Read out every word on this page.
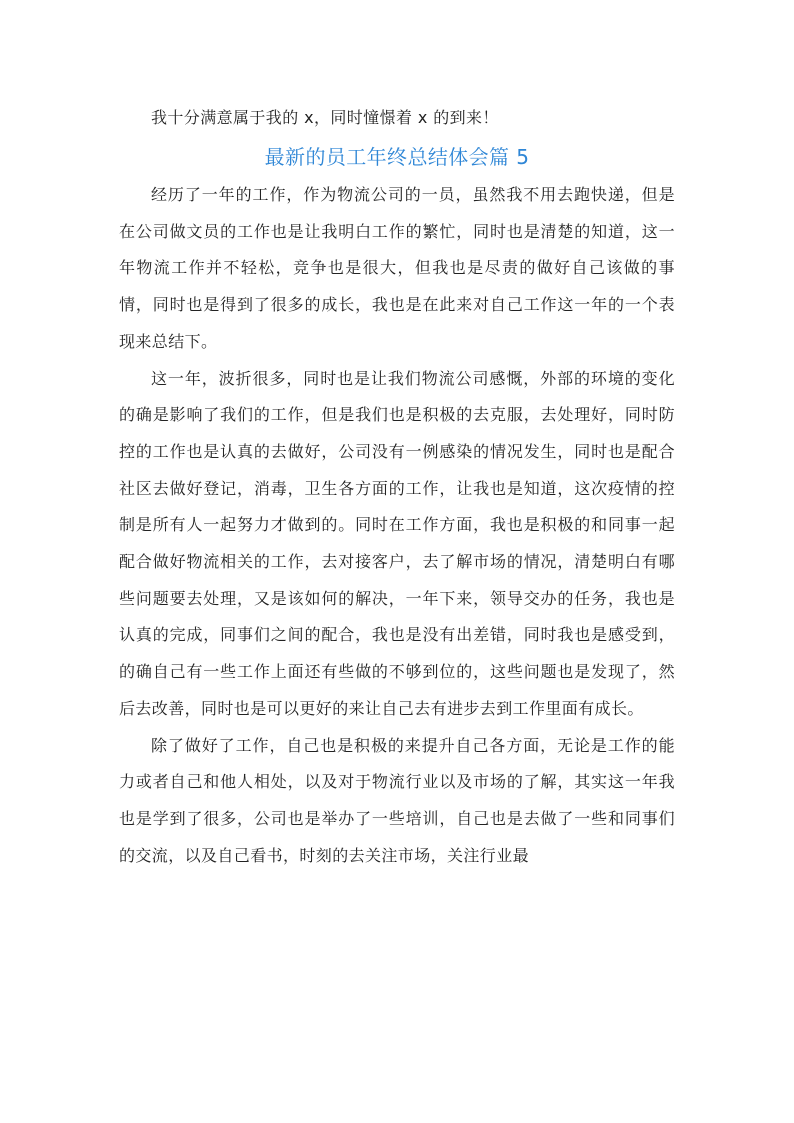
我十分满意属于我的 x，同时憧憬着 x 的到来！

最新的员工年终总结体会篇 5

经历了一年的工作，作为物流公司的一员，虽然我不用去跑快递，但是在公司做文员的工作也是让我明白工作的繁忙，同时也是清楚的知道，这一年物流工作并不轻松，竞争也是很大，但我也是尽责的做好自己该做的事情，同时也是得到了很多的成长，我也是在此来对自己工作这一年的一个表现来总结下。

这一年，波折很多，同时也是让我们物流公司感慨，外部的环境的变化的确是影响了我们的工作，但是我们也是积极的去克服，去处理好，同时防控的工作也是认真的去做好，公司没有一例感染的情况发生，同时也是配合社区去做好登记，消毒，卫生各方面的工作，让我也是知道，这次疫情的控制是所有人一起努力才做到的。同时在工作方面，我也是积极的和同事一起配合做好物流相关的工作，去对接客户，去了解市场的情况，清楚明白有哪些问题要去处理，又是该如何的解决，一年下来，领导交办的任务，我也是认真的完成，同事们之间的配合，我也是没有出差错，同时我也是感受到，的确自己有一些工作上面还有些做的不够到位的，这些问题也是发现了，然后去改善，同时也是可以更好的来让自己去有进步去到工作里面有成长。

除了做好了工作，自己也是积极的来提升自己各方面，无论是工作的能力或者自己和他人相处，以及对于物流行业以及市场的了解，其实这一年我也是学到了很多，公司也是举办了一些培训，自己也是去做了一些和同事们的交流，以及自己看书，时刻的去关注市场，关注行业最
